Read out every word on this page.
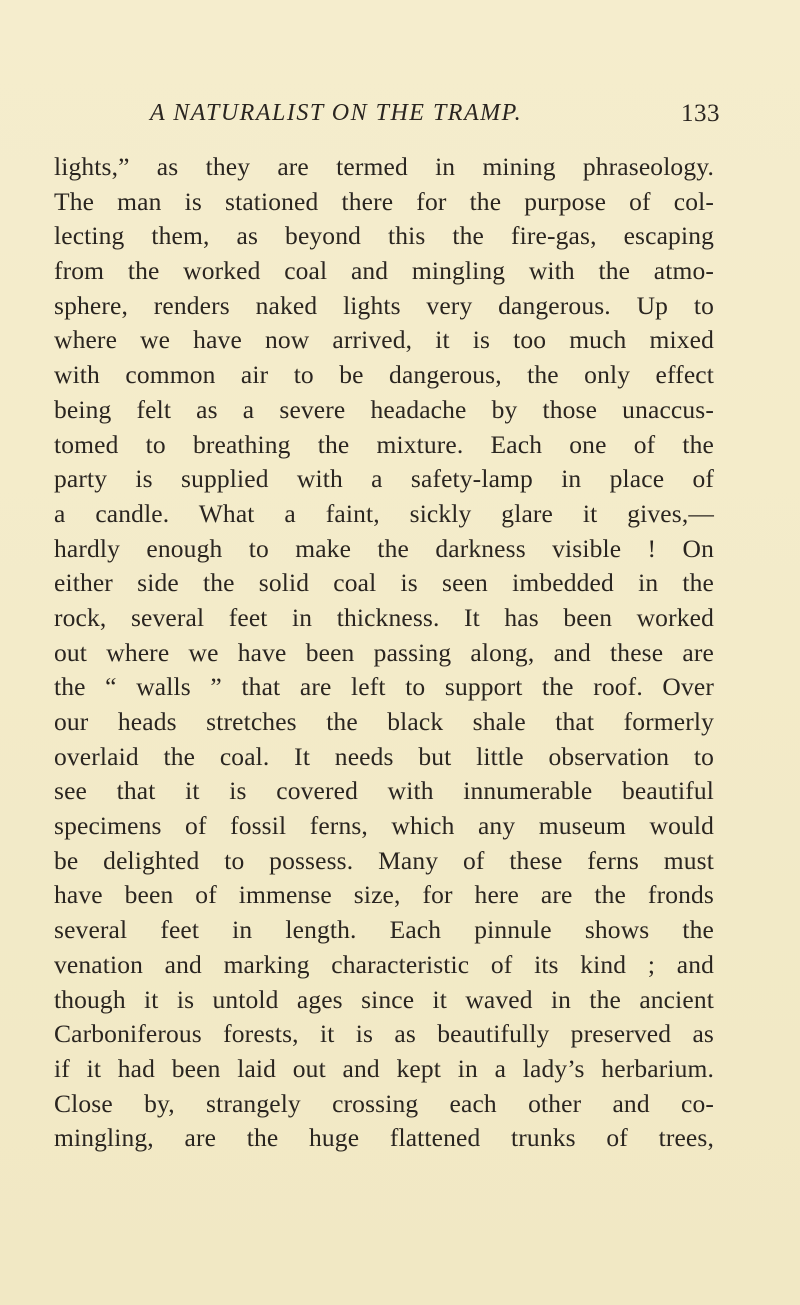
A NATURALIST ON THE TRAMP.	133
lights,” as they are termed in mining phraseology.
The man is stationed there for the purpose of col-
lecting them, as beyond this the fire-gas, escaping
from the worked coal and mingling with the atmo-
sphere, renders naked lights very dangerous. Up to
where we have now arrived, it is too much mixed
with common air to be dangerous, the only effect
being felt as a severe headache by those unaccus-
tomed to breathing the mixture. Each one of the
party is supplied with a safety-lamp in place of
a candle. What a faint, sickly glare it gives,—
hardly enough to make the darkness visible ! On
either side the solid coal is seen imbedded in the
rock, several feet in thickness. It has been worked
out where we have been passing along, and these are
the “ walls ” that are left to support the roof. Over
our heads stretches the black shale that formerly
overlaid the coal. It needs but little observation to
see that it is covered with innumerable beautiful
specimens of fossil ferns, which any museum would
be delighted to possess. Many of these ferns must
have been of immense size, for here are the fronds
several feet in length. Each pinnule shows the
venation and marking characteristic of its kind ; and
though it is untold ages since it waved in the ancient
Carboniferous forests, it is as beautifully preserved as
if it had been laid out and kept in a lady’s herbarium.
Close by, strangely crossing each other and co-
mingling, are the huge flattened trunks of trees,
